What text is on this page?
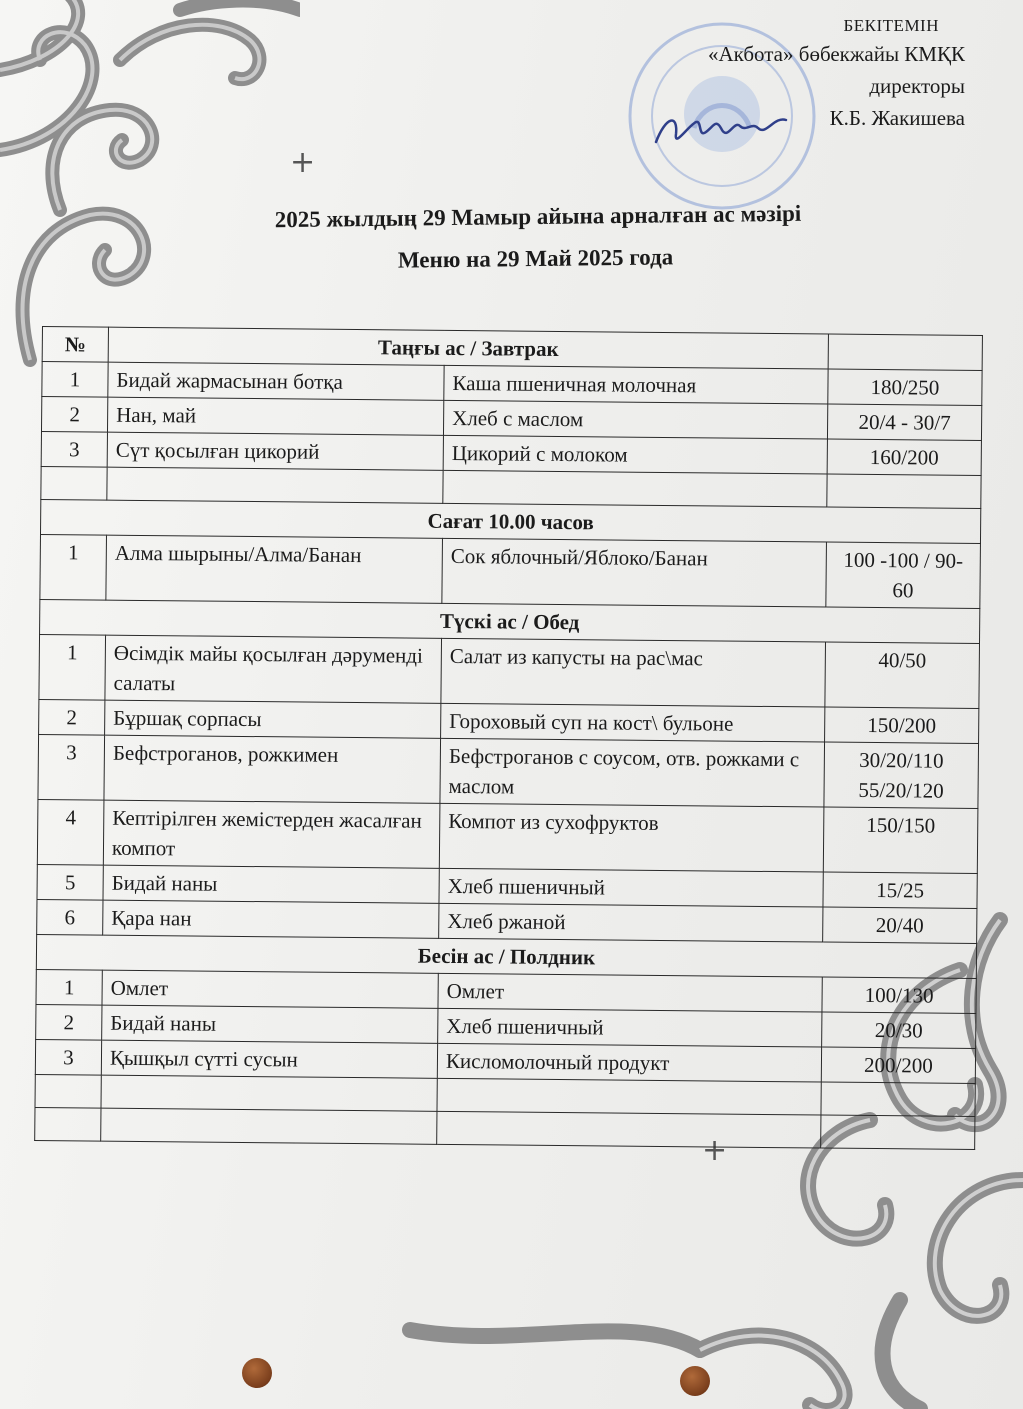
+
+
БЕКІТЕМІН
«Акбота» бөбекжайы КМҚК
директоры
К.Б. Жакишева
2025 жылдың 29 Мамыр айына арналған ас мәзірі
Меню на 29 Май 2025 года
№	Таңғы ас / Завтрак		
1	Бидай жармасынан ботқа	Каша пшеничная молочная	180/250
2	Нан, май	Хлеб с маслом	20/4 - 30/7
3	Сүт қосылған цикорий	Цикорий с молоком	160/200

Сағат 10.00 часов			
1	Алма шырыны/Алма/Банан	Сок яблочный/Яблоко/Банан	100 -100 / 90-60
Түскі ас / Обед			
1	Өсімдік майы қосылған дәруменді салаты	Салат из капусты на рас\мас	40/50
2	Бұршақ сорпасы	Гороховый суп на кост\ бульоне	150/200
3	Бефстроганов, рожкимен	Бефстроганов с соусом, отв. рожками с маслом	30/20/110 55/20/120
4	Кептірілген жемістерден жасалған компот	Компот из сухофруктов	150/150
5	Бидай наны	Хлеб пшеничный	15/25
6	Қара нан	Хлеб ржаной	20/40
Бесін ас / Полдник			
1	Омлет	Омлет	100/130
2	Бидай наны	Хлеб пшеничный	20/30
3	Қышқыл сүтті сусын	Кисломолочный продукт	200/200
